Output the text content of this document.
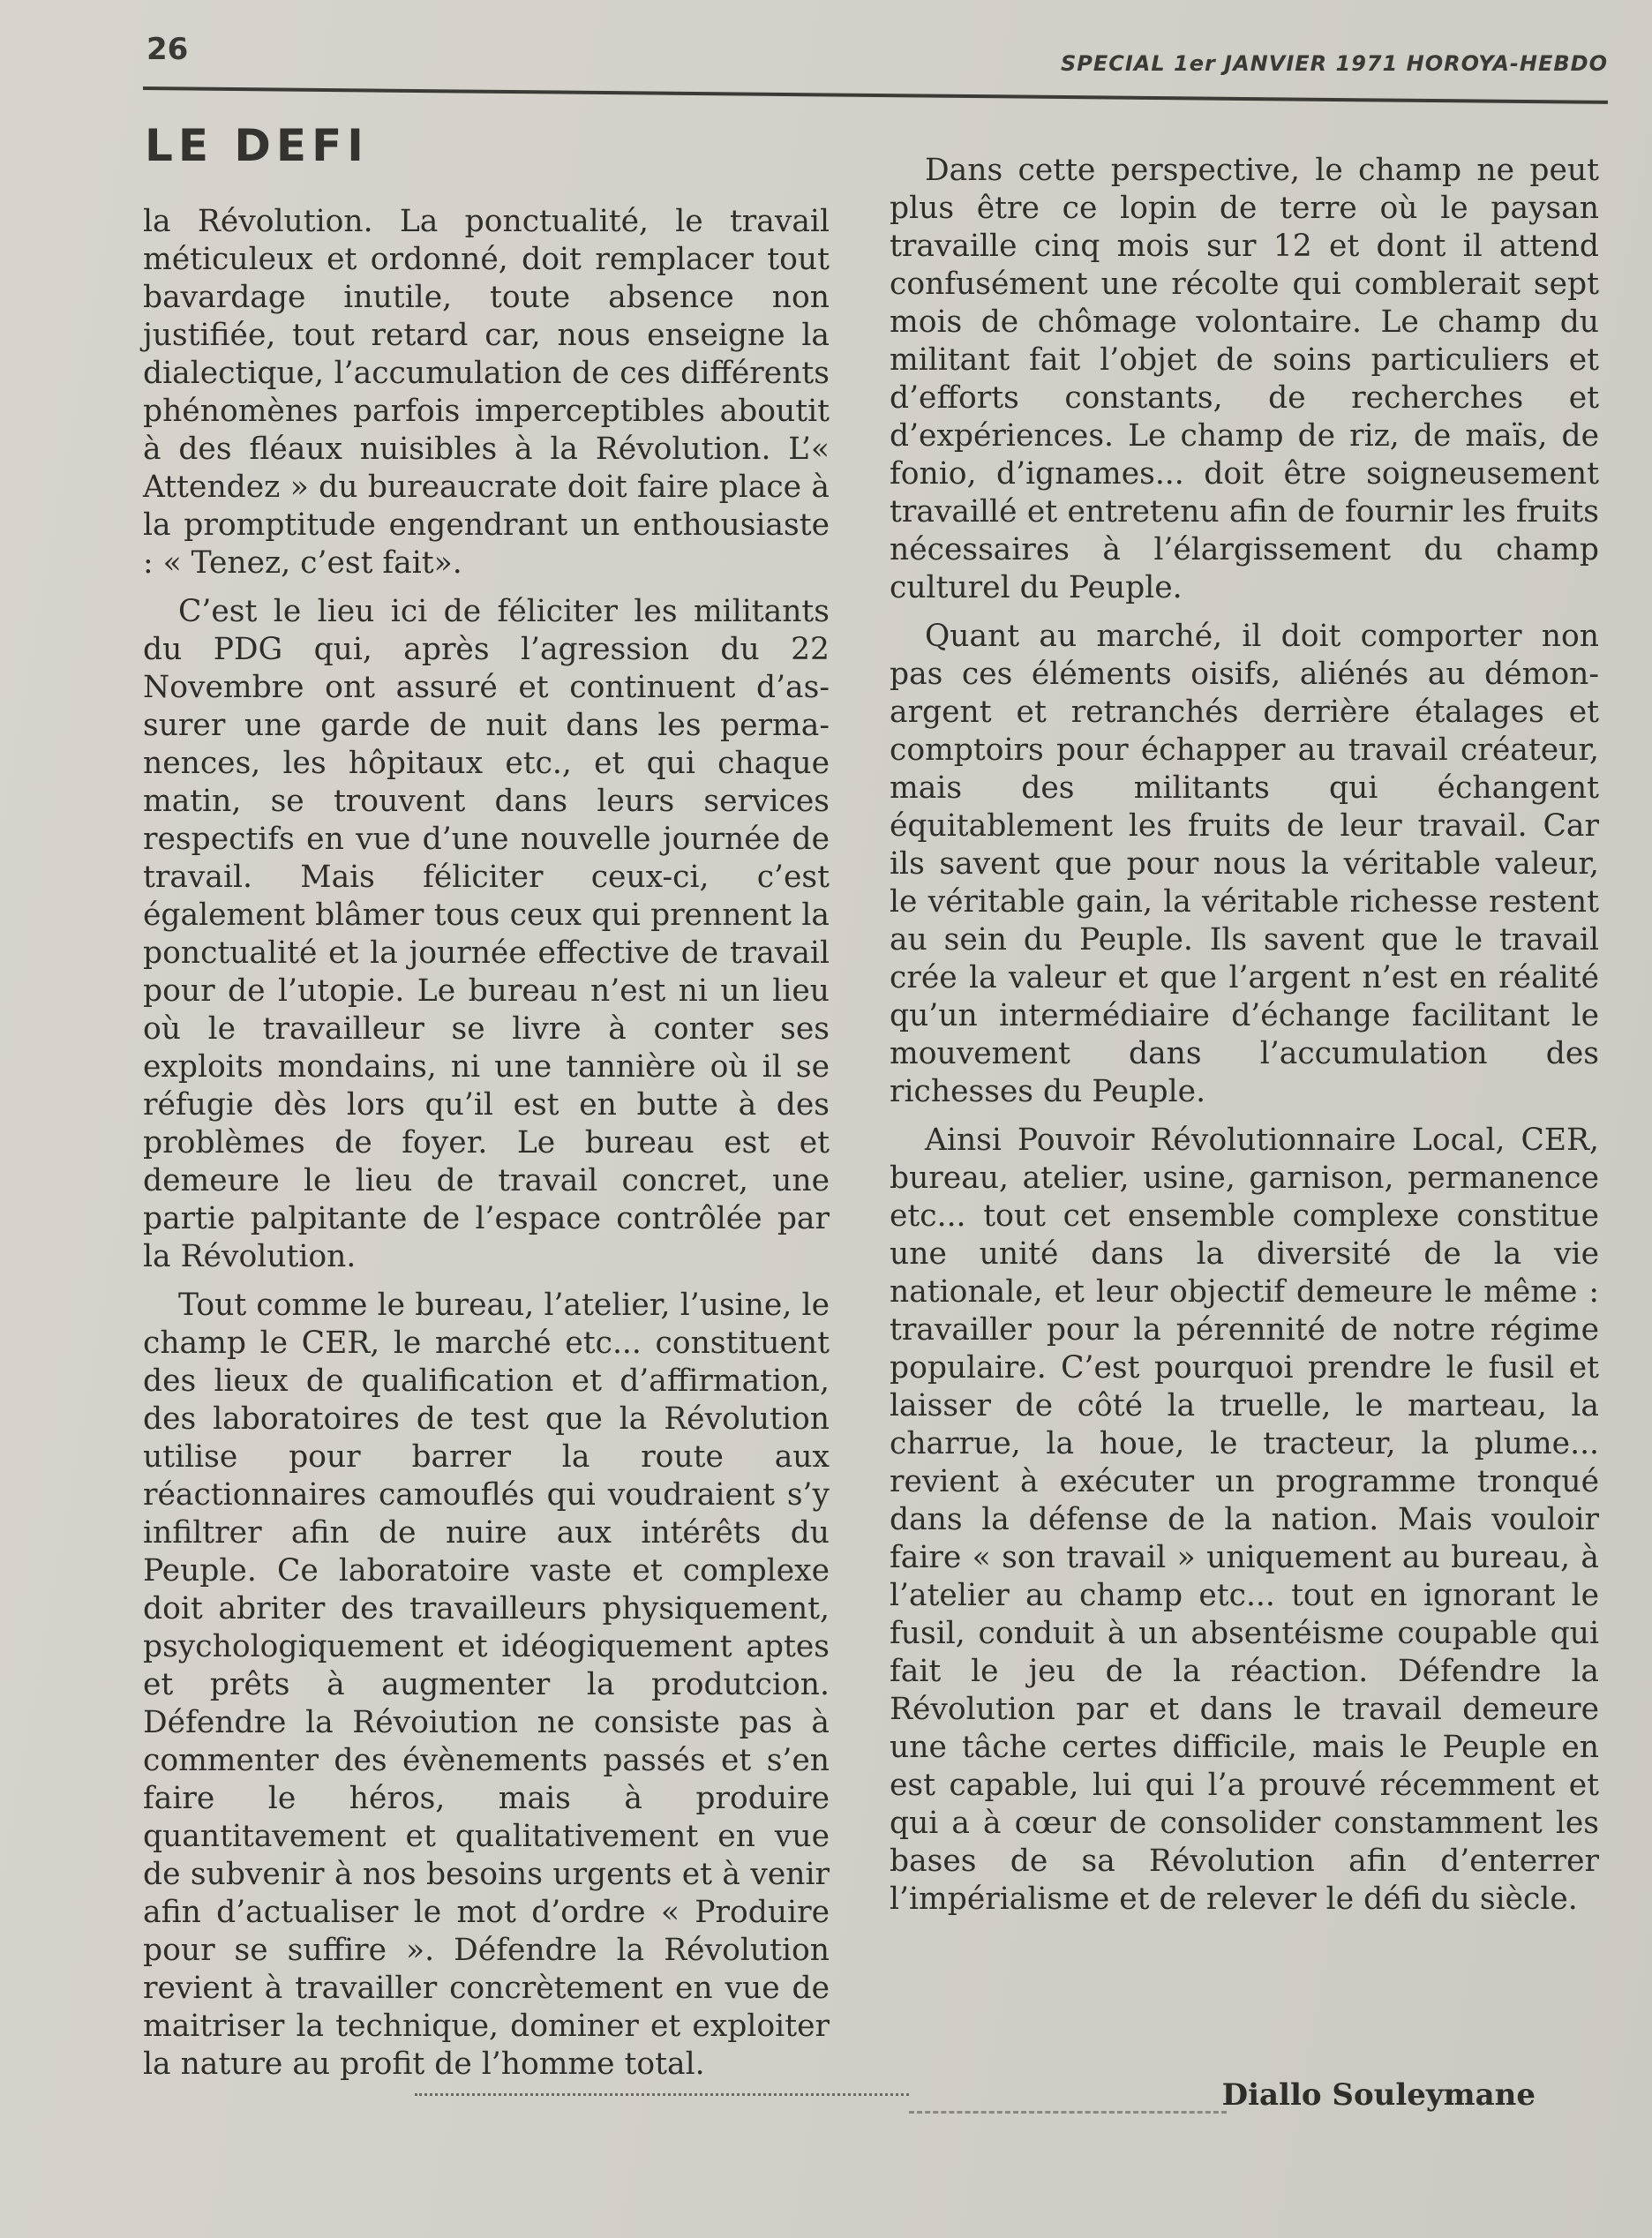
26	SPECIAL 1er JANVIER 1971 HOROYA-HEBDO
LE DEFI

la Révolution. La ponctualité, le travail méticuleux et ordonné, doit remplacer tout bavardage inutile, toute absence non justifiée, tout retard car, nous enseigne la dialectique, l’accumulation de ces différents phénomènes parfois imperceptibles aboutit à des fléaux nuisibles à la Révolution. L’« Attendez » du bureaucrate doit faire place à la promptitude engendrant un enthousiaste : « Tenez, c’est fait».

C’est le lieu ici de féliciter les militants du PDG qui, après l’agression du 22 Novembre ont assuré et continuent d’assurer une garde de nuit dans les permanences, les hôpitaux etc., et qui chaque matin, se trouvent dans leurs services respectifs en vue d’une nouvelle journée de travail. Mais féliciter ceux-ci, c’est également blâmer tous ceux qui prennent la ponctualité et la journée effective de travail pour de l’utopie. Le bureau n’est ni un lieu où le travailleur se livre à conter ses exploits mondains, ni une tannière où il se réfugie dès lors qu’il est en butte à des problèmes de foyer. Le bureau est et demeure le lieu de travail concret, une partie palpitante de l’espace contrôlée par la Révolution.

Tout comme le bureau, l’atelier, l’usine, le champ le CER, le marché etc... constituent des lieux de qualification et d’affirmation, des laboratoires de test que la Révolution utilise pour barrer la route aux réactionnaires camouflés qui voudraient s’y infiltrer afin de nuire aux intérêts du Peuple. Ce laboratoire vaste et complexe doit abriter des travailleurs physiquement, psychologiquement et idéogiquement aptes et prêts à augmenter la produtcion. Défendre la Révoiution ne consiste pas à commenter des évènements passés et s’en faire le héros, mais à produire quantitavement et qualitativement en vue de subvenir à nos besoins urgents et à venir afin d’actualiser le mot d’ordre « Produire pour se suffire ». Défendre la Révolution revient à travailler concrètement en vue de maitriser la technique, dominer et exploiter la nature au profit de l’homme total.

Dans cette perspective, le champ ne peut plus être ce lopin de terre où le paysan travaille cinq mois sur 12 et dont il attend confusément une récolte qui comblerait sept mois de chômage volontaire. Le champ du militant fait l’objet de soins particuliers et d’efforts constants, de recherches et d’expériences. Le champ de riz, de maïs, de fonio, d’ignames... doit être soigneusement travaillé et entretenu afin de fournir les fruits nécessaires à l’élargissement du champ culturel du Peuple.

Quant au marché, il doit comporter non pas ces éléments oisifs, aliénés au démon-argent et retranchés derrière étalages et comptoirs pour échapper au travail créateur, mais des militants qui échangent équitablement les fruits de leur travail. Car ils savent que pour nous la véritable valeur, le véritable gain, la véritable richesse restent au sein du Peuple. Ils savent que le travail crée la valeur et que l’argent n’est en réalité qu’un intermédiaire d’échange facilitant le mouvement dans l’accumulation des richesses du Peuple.

Ainsi Pouvoir Révolutionnaire Local, CER, bureau, atelier, usine, garnison, permanence etc... tout cet ensemble complexe constitue une unité dans la diversité de la vie nationale, et leur objectif demeure le même : travailler pour la pérennité de notre régime populaire. C’est pourquoi prendre le fusil et laisser de côté la truelle, le marteau, la charrue, la houe, le tracteur, la plume... revient à exécuter un programme tronqué dans la défense de la nation. Mais vouloir faire « son travail » uniquement au bureau, à l’atelier au champ etc... tout en ignorant le fusil, conduit à un absentéisme coupable qui fait le jeu de la réaction. Défendre la Révolution par et dans le travail demeure une tâche certes difficile, mais le Peuple en est capable, lui qui l’a prouvé récemment et qui a à cœur de consolider constamment les bases de sa Révolution afin d’enterrer l’impérialisme et de relever le défi du siècle.

Diallo Souleymane
